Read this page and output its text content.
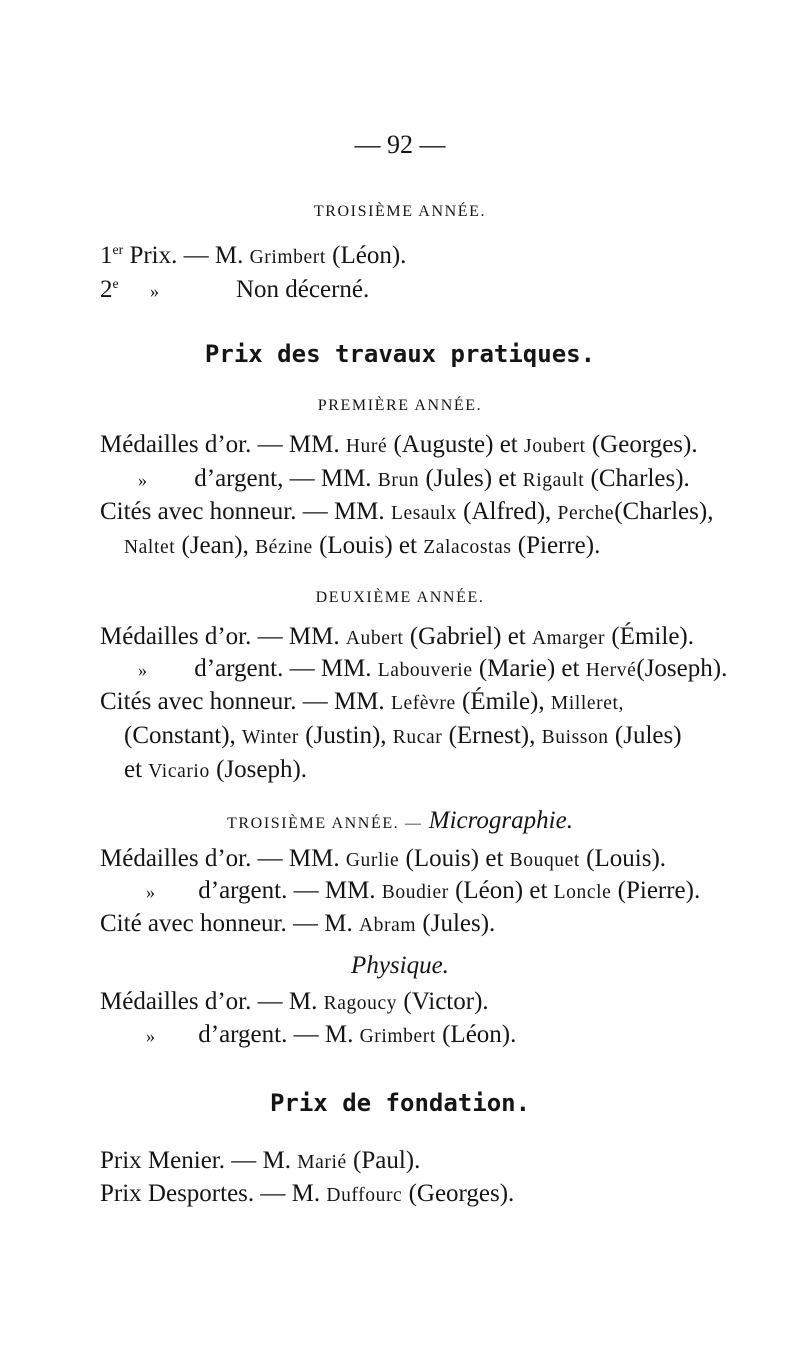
— 92 —
TROISIÈME ANNÉE.
1er Prix. — M. Grimbert (Léon).
2e »	Non décerné.
Prix des travaux pratiques.
PREMIÈRE ANNÉE.
Médailles d’or. — MM. Huré (Auguste) et Joubert (Georges).
» d’argent, — MM. Brun (Jules) et Rigault (Charles).
Cités avec honneur. — MM. Lesaulx (Alfred), Perche(Charles),
Naltet (Jean), Bézine (Louis) et Zalacostas (Pierre).
DEUXIÈME ANNÉE.
Médailles d’or. — MM. Aubert (Gabriel) et Amarger (Émile).
» d’argent. — MM. Labouverie (Marie) et Hervé(Joseph).
Cités avec honneur. — MM. Lefèvre (Émile), Milleret,
(Constant), Winter (Justin), Rucar (Ernest), Buisson (Jules)
et Vicario (Joseph).
TROISIÈME ANNÉE. — Micrographie.
Médailles d’or. — MM. Gurlie (Louis) et Bouquet (Louis).
» d’argent. — MM. Boudier (Léon) et Loncle (Pierre).
Cité avec honneur. — M. Abram (Jules).
Physique.
Médailles d’or. — M. Ragoucy (Victor).
» d’argent. — M. Grimbert (Léon).
Prix de fondation.
Prix Menier. — M. Marié (Paul).
Prix Desportes. — M. Duffourc (Georges).
